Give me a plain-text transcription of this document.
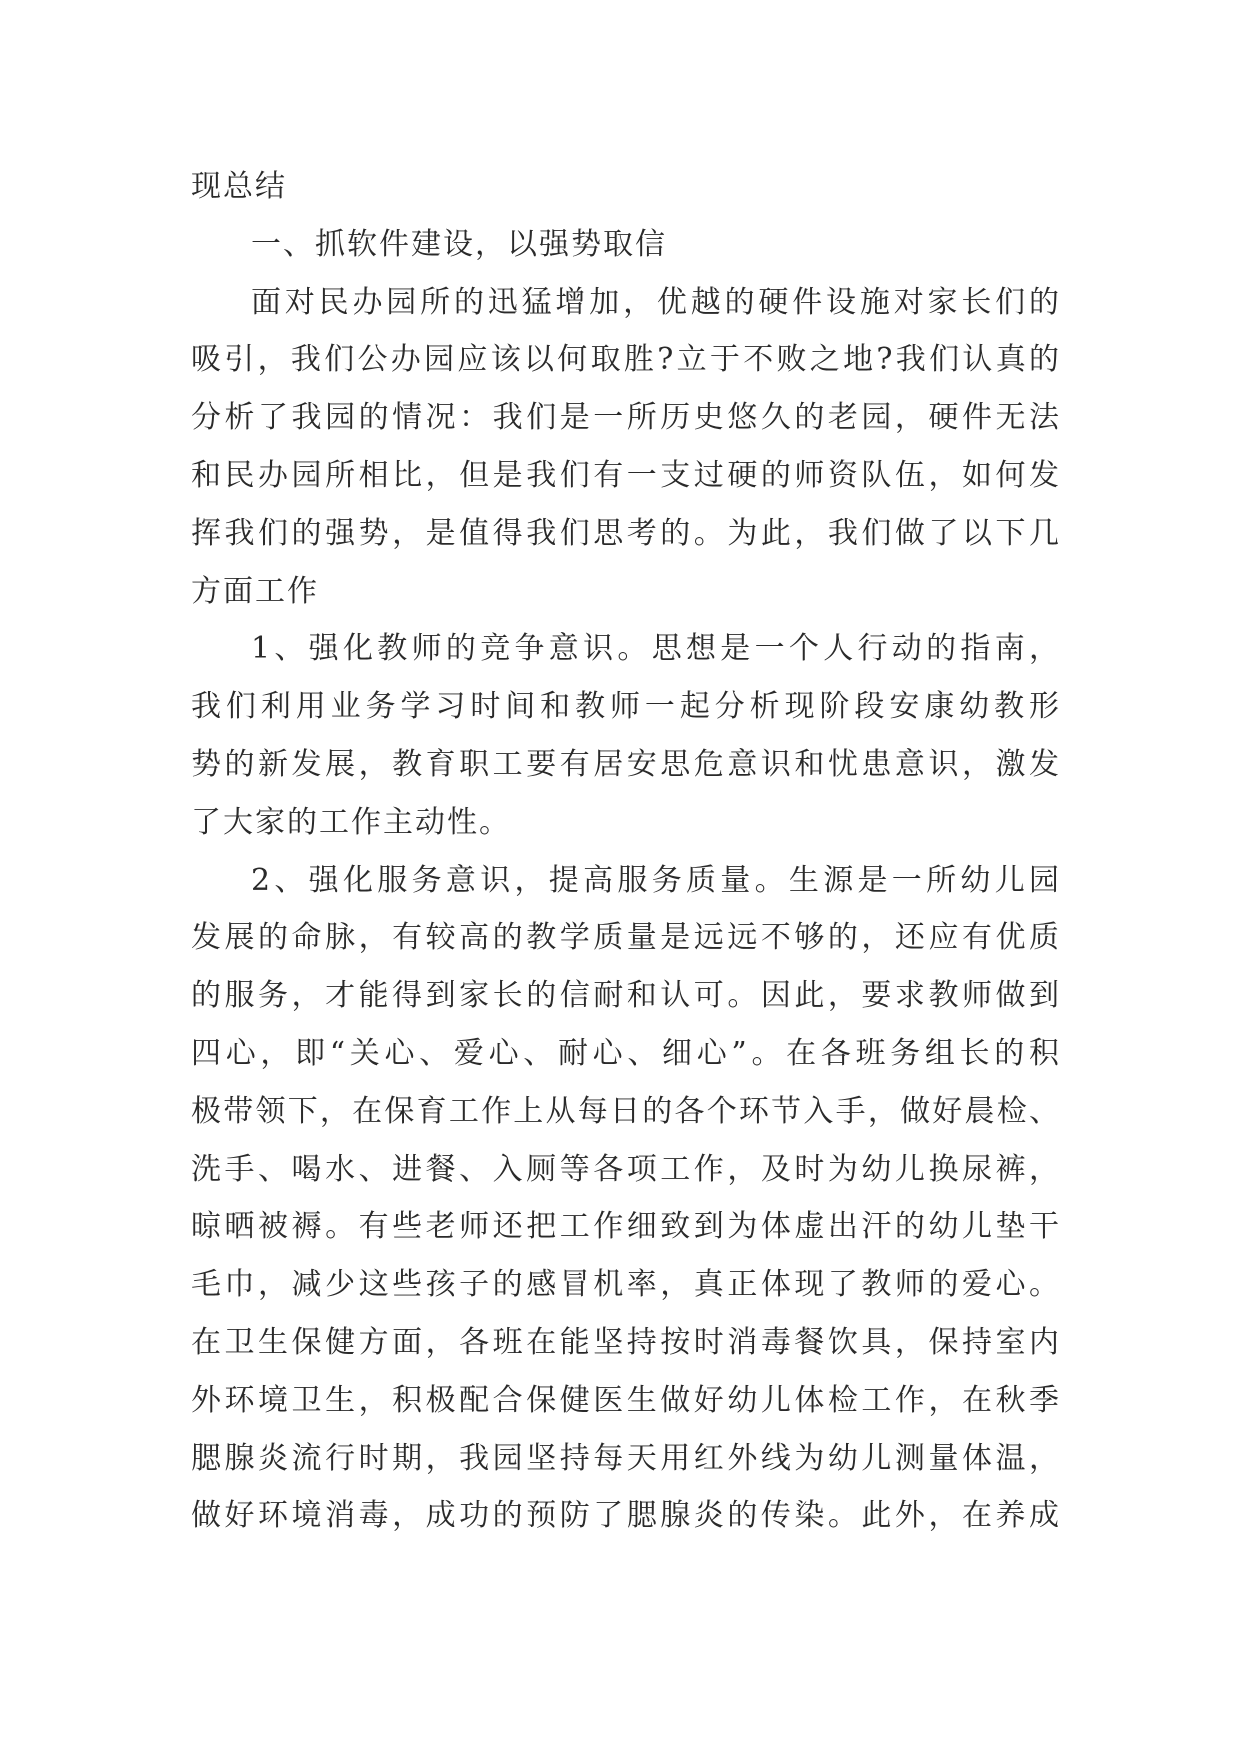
现总结
一、抓软件建设，以强势取信
面对民办园所的迅猛增加，优越的硬件设施对家长们的
吸引，我们公办园应该以何取胜?立于不败之地?我们认真的
分析了我园的情况：我们是一所历史悠久的老园，硬件无法
和民办园所相比，但是我们有一支过硬的师资队伍，如何发
挥我们的强势，是值得我们思考的。为此，我们做了以下几
方面工作
1、强化教师的竞争意识。思想是一个人行动的指南，
我们利用业务学习时间和教师一起分析现阶段安康幼教形
势的新发展，教育职工要有居安思危意识和忧患意识，激发
了大家的工作主动性。
2、强化服务意识，提高服务质量。生源是一所幼儿园
发展的命脉，有较高的教学质量是远远不够的，还应有优质
的服务，才能得到家长的信耐和认可。因此，要求教师做到
四心，即“关心、爱心、耐心、细心”。在各班务组长的积
极带领下，在保育工作上从每日的各个环节入手，做好晨检、
洗手、喝水、进餐、入厕等各项工作，及时为幼儿换尿裤，
晾晒被褥。有些老师还把工作细致到为体虚出汗的幼儿垫干
毛巾，减少这些孩子的感冒机率，真正体现了教师的爱心。
在卫生保健方面，各班在能坚持按时消毒餐饮具，保持室内
外环境卫生，积极配合保健医生做好幼儿体检工作，在秋季
腮腺炎流行时期，我园坚持每天用红外线为幼儿测量体温，
做好环境消毒，成功的预防了腮腺炎的传染。此外，在养成
